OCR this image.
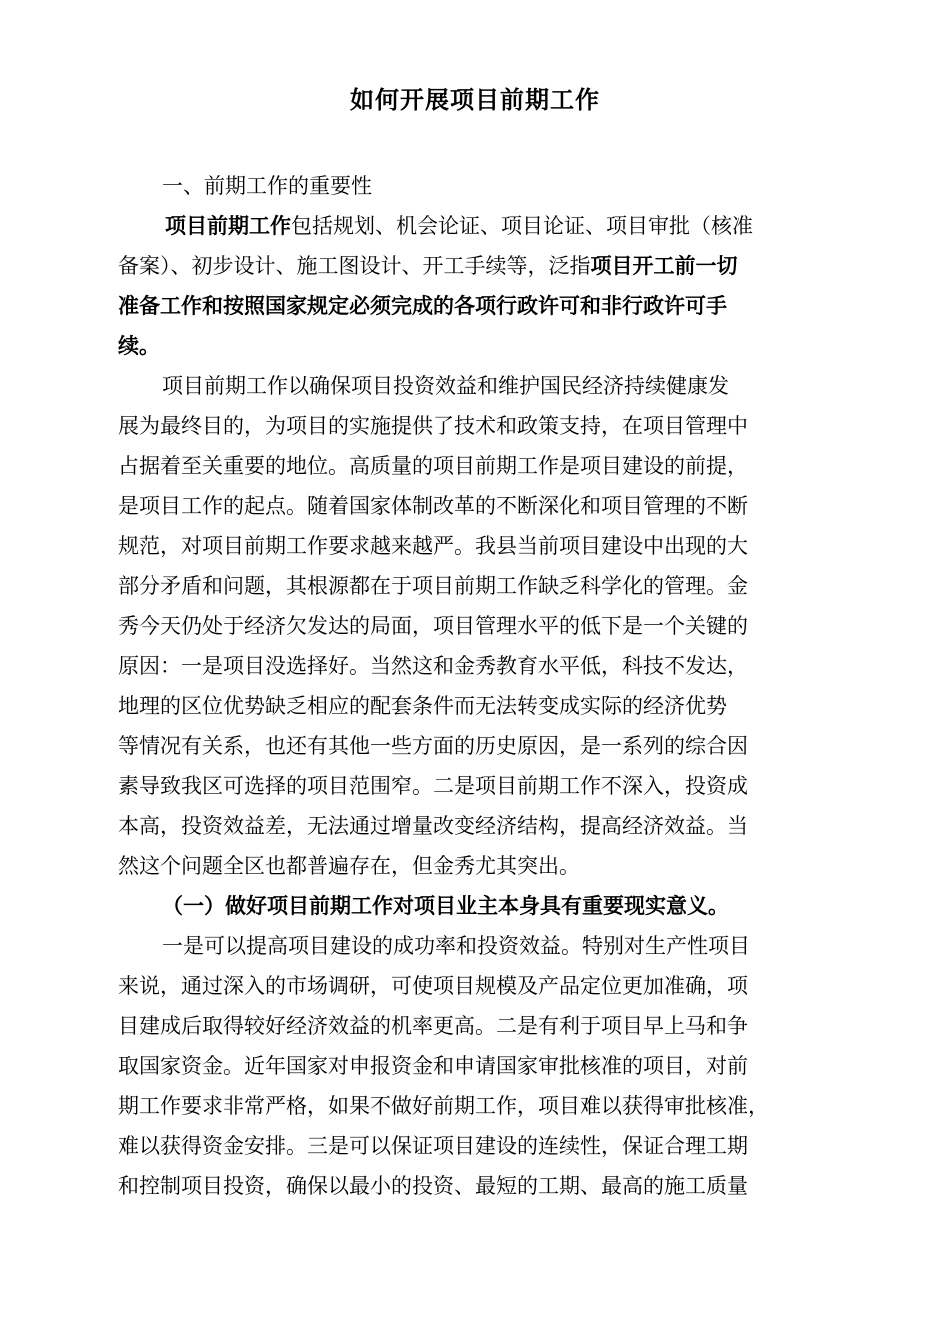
如何开展项目前期工作
一、前期工作的重要性
项目前期工作包括规划、机会论证、项目论证、项目审批（核准
备案）、初步设计、施工图设计、开工手续等，泛指项目开工前一切
准备工作和按照国家规定必须完成的各项行政许可和非行政许可手
续。
项目前期工作以确保项目投资效益和维护国民经济持续健康发
展为最终目的，为项目的实施提供了技术和政策支持，在项目管理中
占据着至关重要的地位。高质量的项目前期工作是项目建设的前提，
是项目工作的起点。随着国家体制改革的不断深化和项目管理的不断
规范，对项目前期工作要求越来越严。我县当前项目建设中出现的大
部分矛盾和问题，其根源都在于项目前期工作缺乏科学化的管理。金
秀今天仍处于经济欠发达的局面，项目管理水平的低下是一个关键的
原因：一是项目没选择好。当然这和金秀教育水平低，科技不发达，
地理的区位优势缺乏相应的配套条件而无法转变成实际的经济优势
等情况有关系，也还有其他一些方面的历史原因，是一系列的综合因
素导致我区可选择的项目范围窄。二是项目前期工作不深入，投资成
本高，投资效益差，无法通过增量改变经济结构，提高经济效益。当
然这个问题全区也都普遍存在，但金秀尤其突出。
（一）做好项目前期工作对项目业主本身具有重要现实意义。
一是可以提高项目建设的成功率和投资效益。特别对生产性项目
来说，通过深入的市场调研，可使项目规模及产品定位更加准确，项
目建成后取得较好经济效益的机率更高。二是有利于项目早上马和争
取国家资金。近年国家对申报资金和申请国家审批核准的项目，对前
期工作要求非常严格，如果不做好前期工作，项目难以获得审批核准，
难以获得资金安排。三是可以保证项目建设的连续性，保证合理工期
和控制项目投资，确保以最小的投资、最短的工期、最高的施工质量
